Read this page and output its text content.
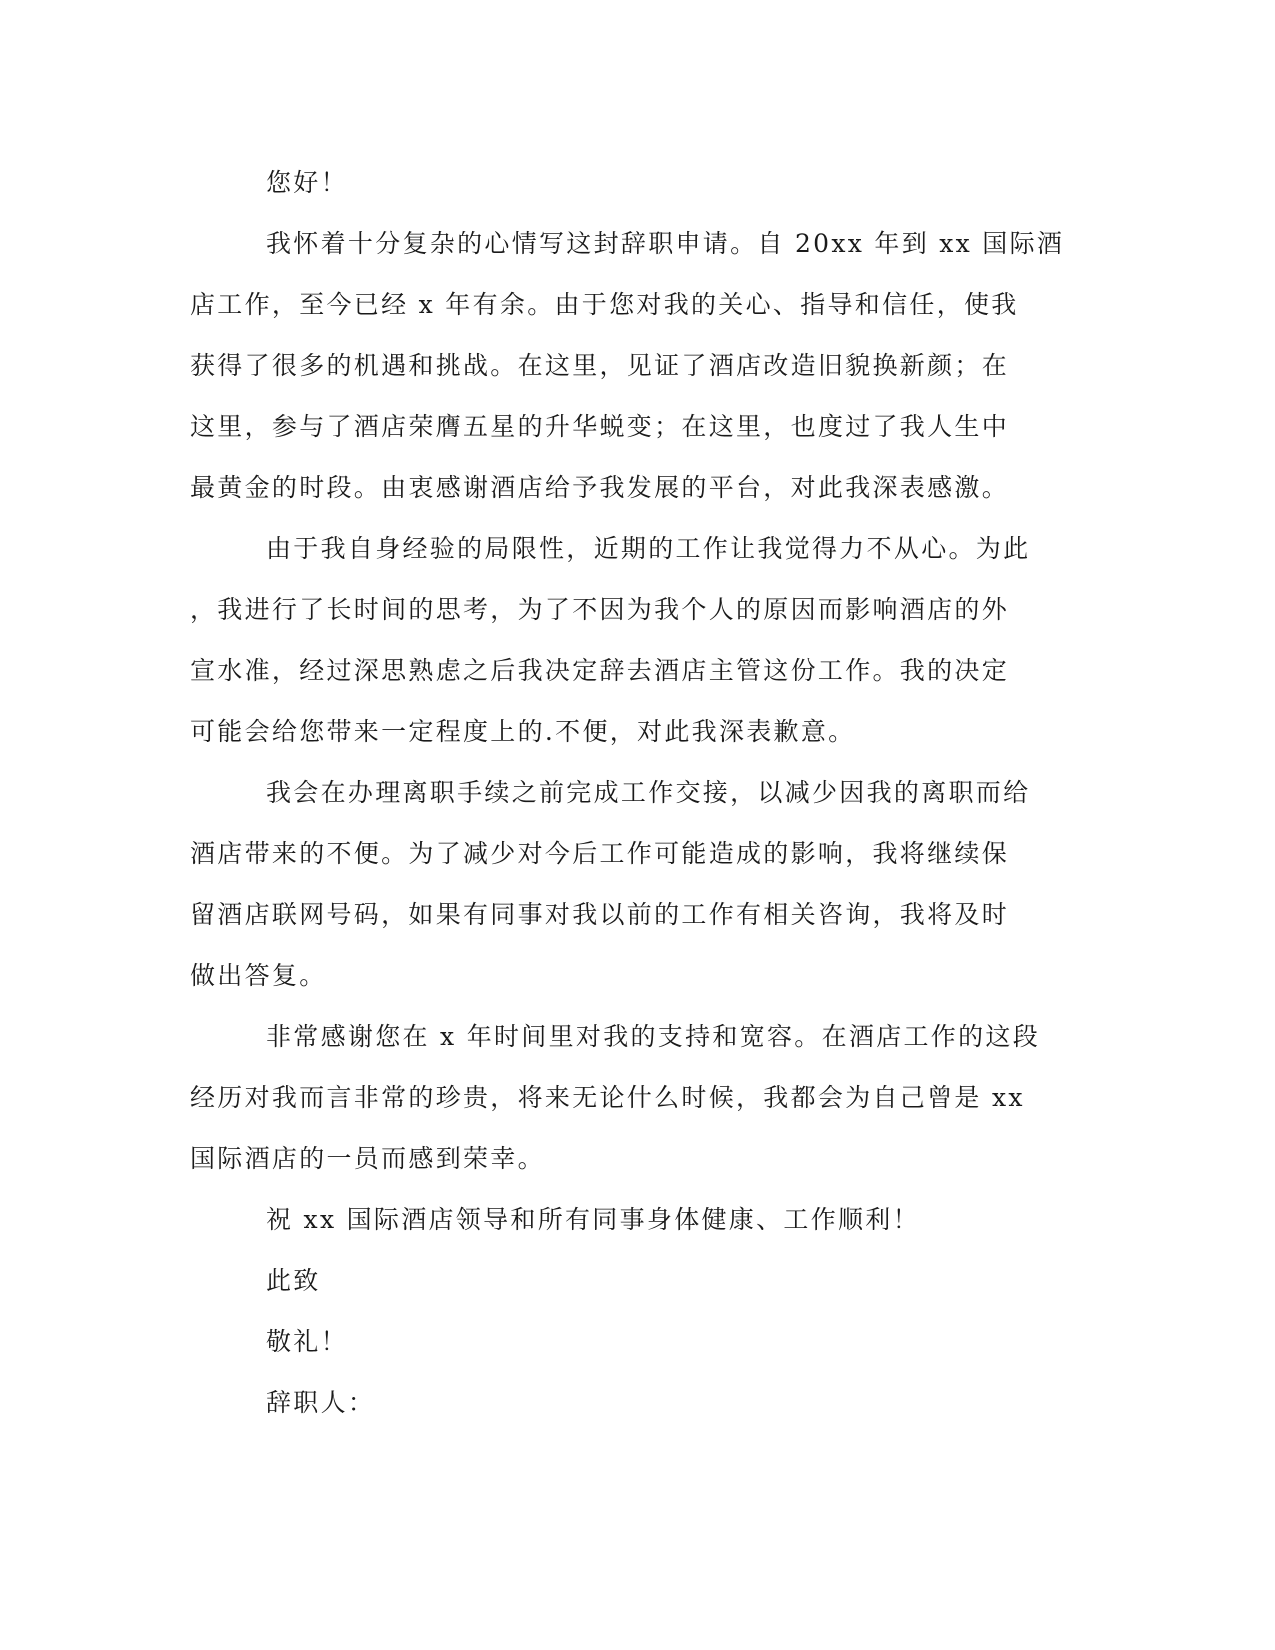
您好！
我怀着十分复杂的心情写这封辞职申请。自 20xx 年到 xx 国际酒
店工作，至今已经 x 年有余。由于您对我的关心、指导和信任，使我
获得了很多的机遇和挑战。在这里，见证了酒店改造旧貌换新颜；在
这里，参与了酒店荣膺五星的升华蜕变；在这里，也度过了我人生中
最黄金的时段。由衷感谢酒店给予我发展的平台，对此我深表感激。
由于我自身经验的局限性，近期的工作让我觉得力不从心。为此
，我进行了长时间的思考，为了不因为我个人的原因而影响酒店的外
宣水准，经过深思熟虑之后我决定辞去酒店主管这份工作。我的决定
可能会给您带来一定程度上的.不便，对此我深表歉意。
我会在办理离职手续之前完成工作交接，以减少因我的离职而给
酒店带来的不便。为了减少对今后工作可能造成的影响，我将继续保
留酒店联网号码，如果有同事对我以前的工作有相关咨询，我将及时
做出答复。
非常感谢您在 x 年时间里对我的支持和宽容。在酒店工作的这段
经历对我而言非常的珍贵，将来无论什么时候，我都会为自己曾是 xx
国际酒店的一员而感到荣幸。
祝 xx 国际酒店领导和所有同事身体健康、工作顺利！
此致
敬礼！
辞职人：
